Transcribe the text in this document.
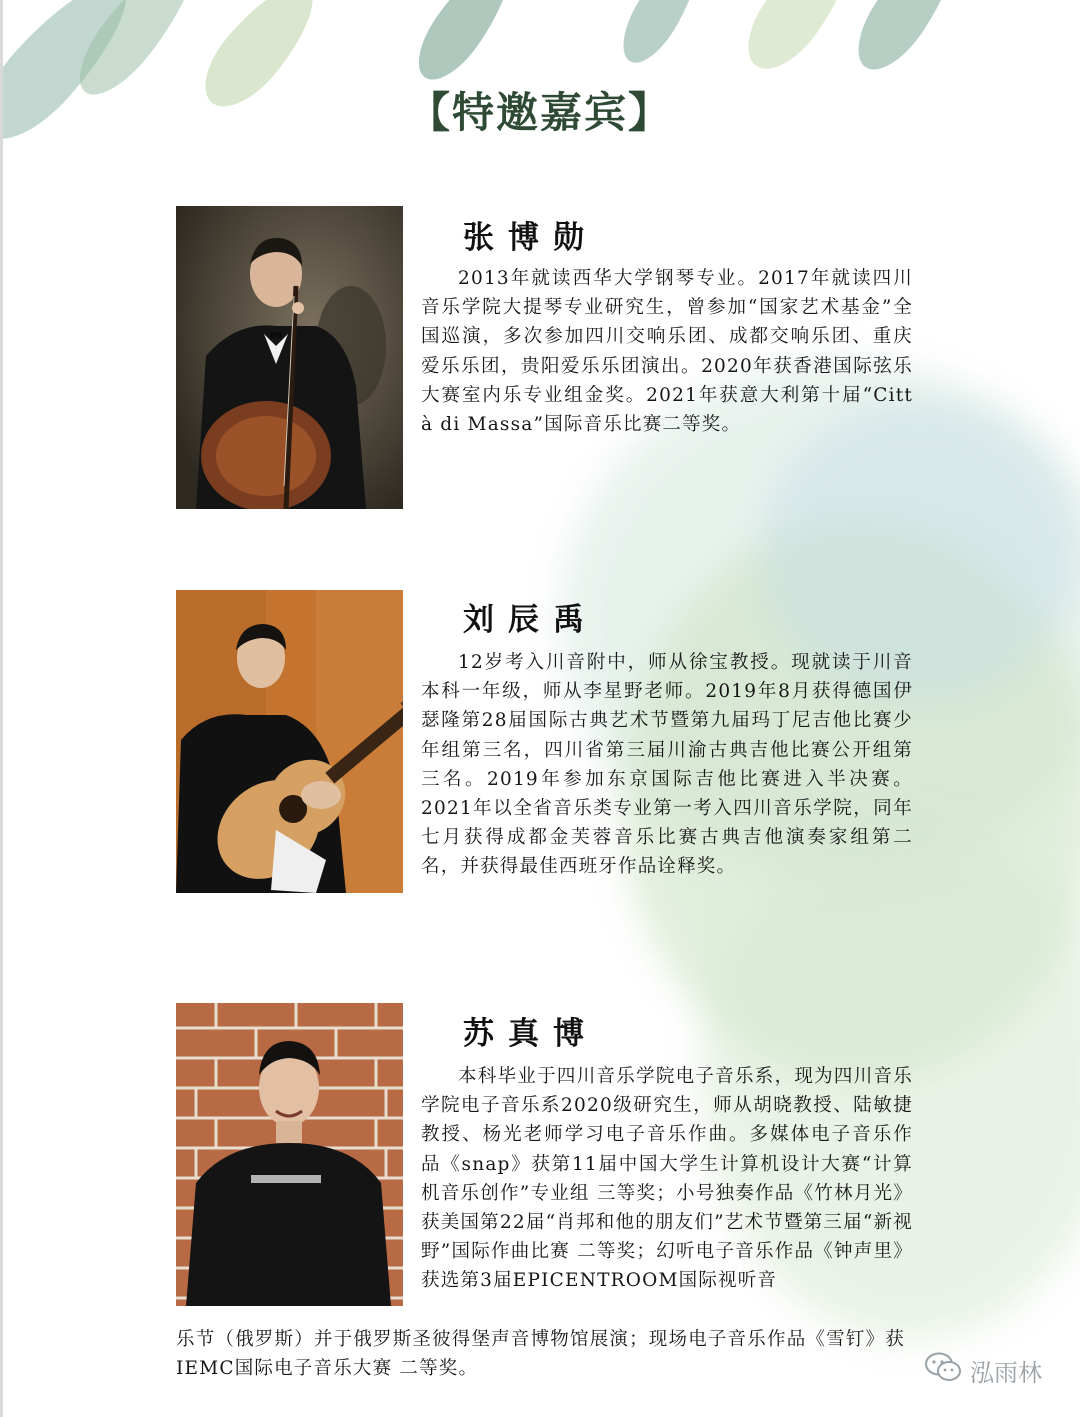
【特邀嘉宾】
张博勋
2013年就读西华大学钢琴专业。2017年就读四川音乐学院大提琴专业研究生，曾参加“国家艺术基金”全国巡演，多次参加四川交响乐团、成都交响乐团、重庆爱乐乐团，贵阳爱乐乐团演出。2020年获香港国际弦乐大赛室内乐专业组金奖。2021年获意大利第十届“Citt à di Massa”国际音乐比赛二等奖。
刘辰禹
12岁考入川音附中，师从徐宝教授。现就读于川音本科一年级，师从李星野老师。2019年8月获得德国伊瑟隆第28届国际古典艺术节暨第九届玛丁尼吉他比赛少年组第三名，四川省第三届川渝古典吉他比赛公开组第三名。2019年参加东京国际吉他比赛进入半决赛。2021年以全省音乐类专业第一考入四川音乐学院，同年七月获得成都金芙蓉音乐比赛古典吉他演奏家组第二名，并获得最佳西班牙作品诠释奖。
苏真博
本科毕业于四川音乐学院电子音乐系，现为四川音乐学院电子音乐系2020级研究生，师从胡晓教授、陆敏捷教授、杨光老师学习电子音乐作曲。多媒体电子音乐作品《snap》获第11届中国大学生计算机设计大赛“计算机音乐创作”专业组 三等奖；小号独奏作品《竹林月光》获美国第22届“肖邦和他的朋友们”艺术节暨第三届“新视野”国际作曲比赛 二等奖；幻听电子音乐作品《钟声里》获选第3届EPICENTROOM国际视听音
乐节（俄罗斯）并于俄罗斯圣彼得堡声音博物馆展演；现场电子音乐作品《雪钉》获IEMC国际电子音乐大赛 二等奖。	泓雨林
